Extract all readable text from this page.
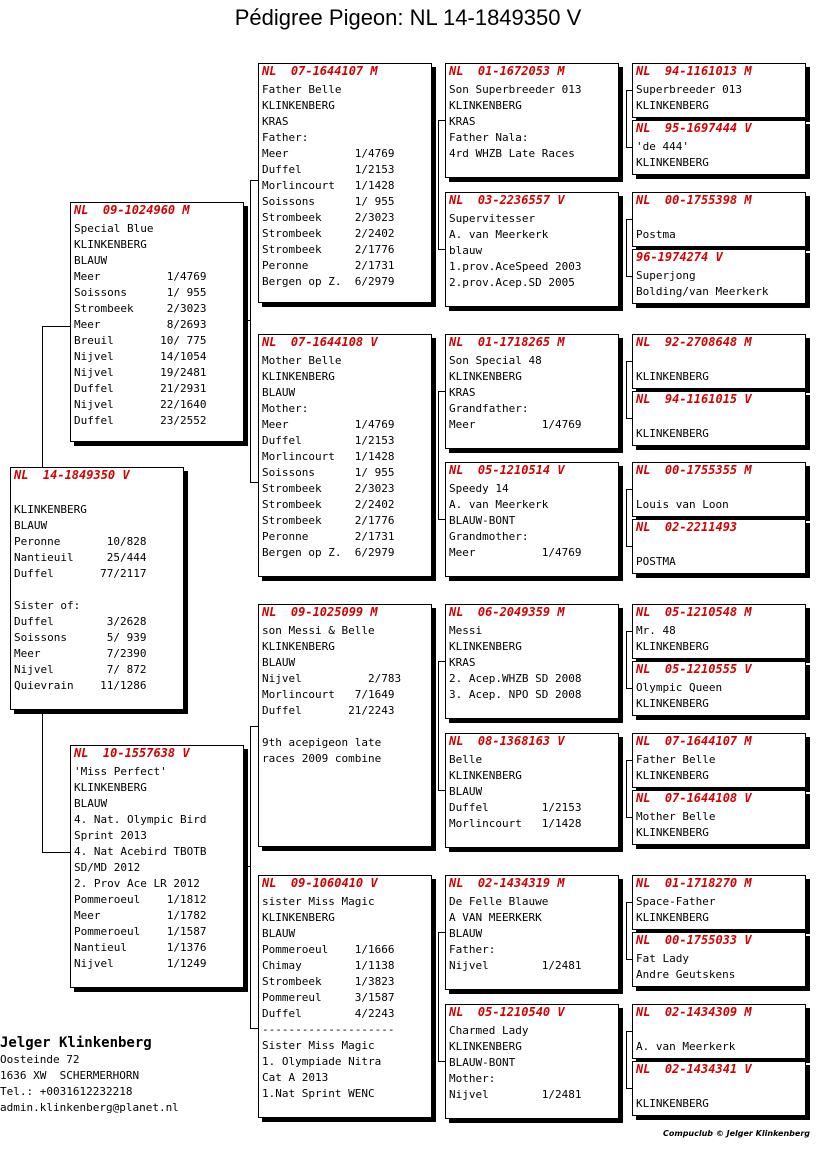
Pédigree Pigeon: NL 14-1849350 V
NL  14-1849350 V
KLINKENBERG
BLAUW
Peronne       10/828
Nantieuil     25/444
Duffel       77/2117
Sister of:
Duffel        3/2628
Soissons      5/ 939
Meer          7/2390
Nijvel        7/ 872
Quievrain    11/1286
NL  09-1024960 M
Special Blue
KLINKENBERG
BLAUW
Meer          1/4769
Soissons      1/ 955
Strombeek     2/3023
Meer          8/2693
Breuil       10/ 775
Nijvel       14/1054
Nijvel       19/2481
Duffel       21/2931
Nijvel       22/1640
Duffel       23/2552
NL  10-1557638 V
'Miss Perfect'
KLINKENBERG
BLAUW
4. Nat. Olympic Bird
Sprint 2013
4. Nat Acebird TBOTB
SD/MD 2012
2. Prov Ace LR 2012
Pommeroeul    1/1812
Meer          1/1782
Pommeroeul    1/1587
Nantieul      1/1376
Nijvel        1/1249
NL  07-1644107 M
Father Belle
KLINKENBERG
KRAS
Father:
Meer          1/4769
Duffel        1/2153
Morlincourt   1/1428
Soissons      1/ 955
Strombeek     2/3023
Strombeek     2/2402
Strombeek     2/1776
Peronne       2/1731
Bergen op Z.  6/2979
NL  07-1644108 V
Mother Belle
KLINKENBERG
BLAUW
Mother:
Meer          1/4769
Duffel        1/2153
Morlincourt   1/1428
Soissons      1/ 955
Strombeek     2/3023
Strombeek     2/2402
Strombeek     2/1776
Peronne       2/1731
Bergen op Z.  6/2979
NL  09-1025099 M
son Messi & Belle
KLINKENBERG
BLAUW
Nijvel          2/783
Morlincourt   7/1649
Duffel       21/2243
9th acepigeon late
races 2009 combine
NL  09-1060410 V
sister Miss Magic
KLINKENBERG
BLAUW
Pommeroeul    1/1666
Chimay        1/1138
Strombeek     1/3823
Pommereul     3/1587
Duffel        4/2243
--------------------
Sister Miss Magic
1. Olympiade Nitra
Cat A 2013
1.Nat Sprint WENC
NL  01-1672053 M
Son Superbreeder 013
KLINKENBERG
KRAS
Father Nala:
4rd WHZB Late Races
NL  03-2236557 V
Supervitesser
A. van Meerkerk
blauw
1.prov.AceSpeed 2003
2.prov.Acep.SD 2005
NL  01-1718265 M
Son Special 48
KLINKENBERG
KRAS
Grandfather:
Meer          1/4769
NL  05-1210514 V
Speedy 14
A. van Meerkerk
BLAUW-BONT
Grandmother:
Meer          1/4769
NL  06-2049359 M
Messi
KLINKENBERG
KRAS
2. Acep.WHZB SD 2008
3. Acep. NPO SD 2008
NL  08-1368163 V
Belle
KLINKENBERG
BLAUW
Duffel        1/2153
Morlincourt   1/1428
NL  02-1434319 M
De Felle Blauwe
A VAN MEERKERK
BLAUW
Father:
Nijvel        1/2481
NL  05-1210540 V
Charmed Lady
KLINKENBERG
BLAUW-BONT
Mother:
Nijvel        1/2481
NL  94-1161013 M
Superbreeder 013
KLINKENBERG
NL  95-1697444 V
'de 444'
KLINKENBERG
NL  00-1755398 M
Postma
96-1974274 V
Superjong
Bolding/van Meerkerk
NL  92-2708648 M
KLINKENBERG
NL  94-1161015 V
KLINKENBERG
NL  00-1755355 M
Louis van Loon
NL  02-2211493
POSTMA
NL  05-1210548 M
Mr. 48
KLINKENBERG
NL  05-1210555 V
Olympic Queen
KLINKENBERG
NL  07-1644107 M
Father Belle
KLINKENBERG
NL  07-1644108 V
Mother Belle
KLINKENBERG
NL  01-1718270 M
Space-Father
KLINKENBERG
NL  00-1755033 V
Fat Lady
Andre Geutskens
NL  02-1434309 M
A. van Meerkerk
NL  02-1434341 V
KLINKENBERG
Jelger Klinkenberg
Oosteinde 72
1636 XW  SCHERMERHORN
Tel.: +0031612232218
admin.klinkenberg@planet.nl
Compuclub © Jelger Klinkenberg
